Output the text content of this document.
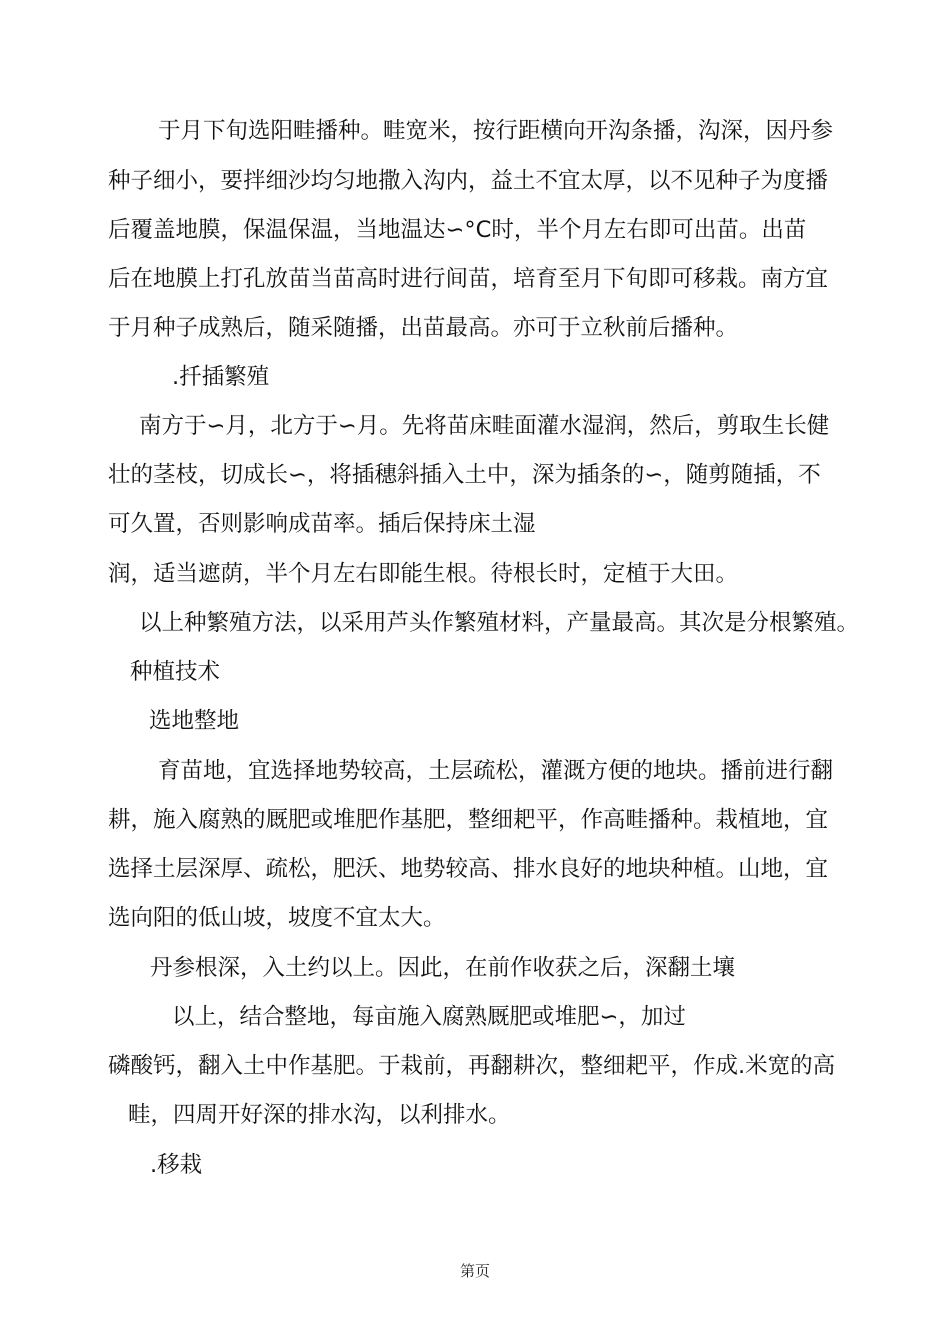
于月下旬选阳畦播种。畦宽米，按行距横向开沟条播，沟深，因丹参
种子细小，要拌细沙均匀地撒入沟内，益土不宜太厚，以不见种子为度播
后覆盖地膜，保温保温，当地温达∽°C时，半个月左右即可出苗。出苗
后在地膜上打孔放苗当苗高时进行间苗，培育至月下旬即可移栽。南方宜
于月种子成熟后，随采随播，出苗最高。亦可于立秋前后播种。
.扦插繁殖
南方于∽月，北方于∽月。先将苗床畦面灌水湿润，然后，剪取生长健
壮的茎枝，切成长∽，将插穗斜插入土中，深为插条的∽，随剪随插，不
可久置，否则影响成苗率。插后保持床土湿
润，适当遮荫，半个月左右即能生根。待根长时，定植于大田。
以上种繁殖方法，以采用芦头作繁殖材料，产量最高。其次是分根繁殖。
种植技术
选地整地
育苗地，宜选择地势较高，土层疏松，灌溉方便的地块。播前进行翻
耕，施入腐熟的厩肥或堆肥作基肥，整细耙平，作高畦播种。栽植地，宜
选择土层深厚、疏松，肥沃、地势较高、排水良好的地块种植。山地，宜
选向阳的低山坡，坡度不宜太大。
丹参根深，入土约以上。因此，在前作收获之后，深翻土壤
以上，结合整地，每亩施入腐熟厩肥或堆肥∽，加过
磷酸钙，翻入土中作基肥。于栽前，再翻耕次，整细耙平，作成.米宽的高
畦，四周开好深的排水沟，以利排水。
.移栽
第页
